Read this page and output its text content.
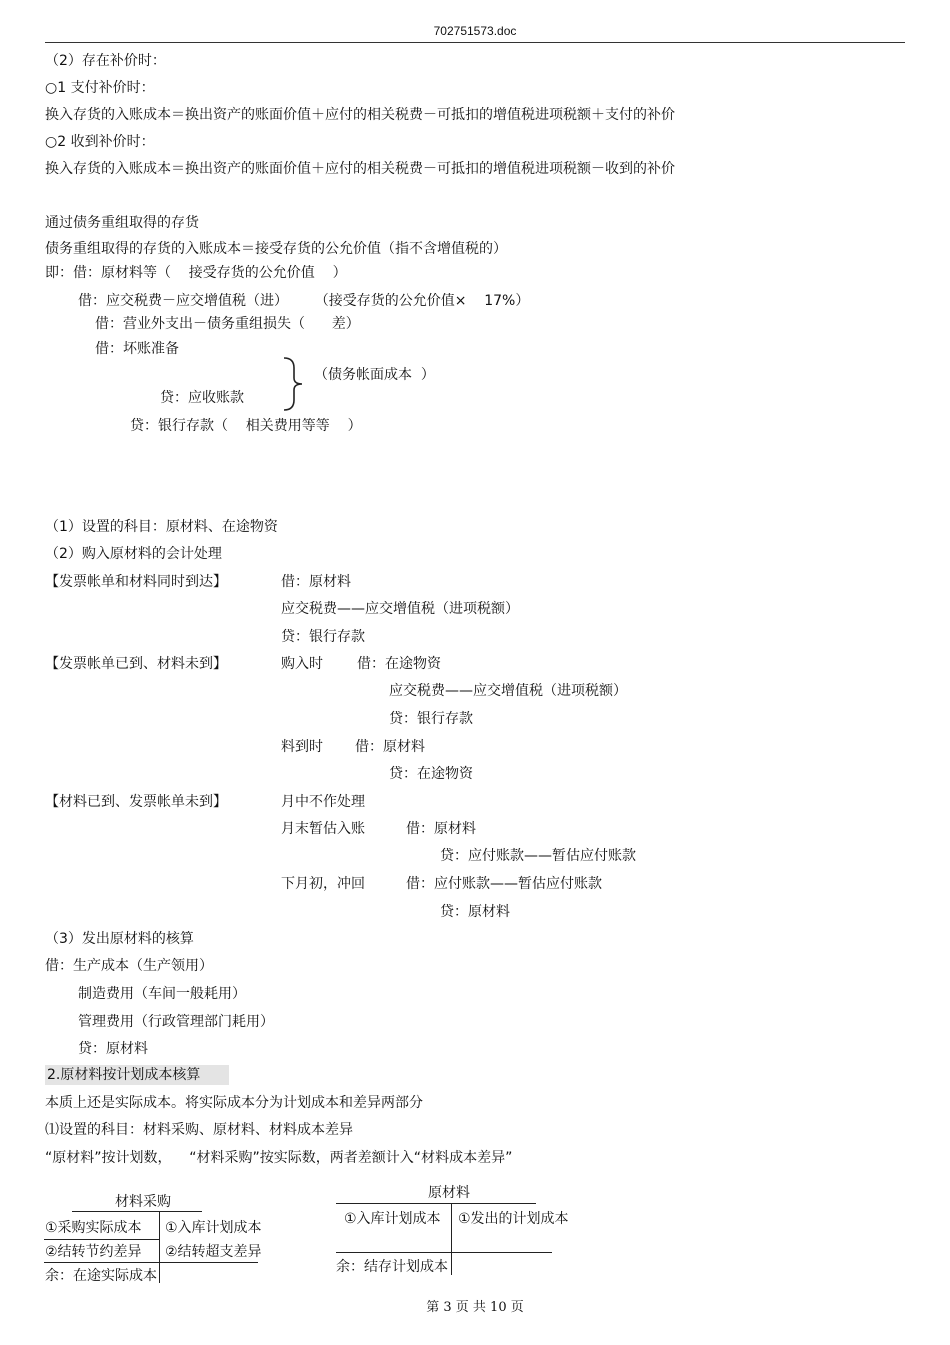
702751573.doc
（2）存在补价时：
○1 支付补价时：
换入存货的入账成本＝换出资产的账面价值＋应付的相关税费－可抵扣的增值税进项税额＋支付的补价
○2 收到补价时：
换入存货的入账成本＝换出资产的账面价值＋应付的相关税费－可抵扣的增值税进项税额－收到的补价
通过债务重组取得的存货
债务重组取得的存货的入账成本＝接受存货的公允价值（指不含增值税的）
即：借：原材料等（    接受存货的公允价值    ）
借：应交税费－应交增值税（进）      （接受存货的公允价值×    17%）
借：营业外支出－债务重组损失（      差）
借：坏账准备
（债务帐面成本  ）
贷：应收账款
贷：银行存款（    相关费用等等    ）
（1）设置的科目：原材料、在途物资
（2）购入原材料的会计处理
【发票帐单和材料同时到达】	借：原材料
应交税费——应交增值税（进项税额）
贷：银行存款
【发票帐单已到、材料未到】	购入时 借：在途物资
应交税费——应交增值税（进项税额）
贷：银行存款
料到时 借：原材料
贷：在途物资
【材料已到、发票帐单未到】	月中不作处理
月末暂估入账	借：原材料
贷：应付账款——暂估应付账款
下月初，冲回	借：应付账款——暂估应付账款
贷：原材料
（3）发出原材料的核算
借：生产成本（生产领用）
制造费用（车间一般耗用）
管理费用（行政管理部门耗用）
贷：原材料
2.原材料按计划成本核算
本质上还是实际成本。将实际成本分为计划成本和差异两部分
⑴设置的科目：材料采购、原材料、材料成本差异
“原材料”按计划数，    “材料采购”按实际数，两者差额计入“材料成本差异”
材料采购
①采购实际成本 ①入库计划成本
②结转节约差异 ②结转超支差异
余：在途实际成本
原材料
①入库计划成本 ①发出的计划成本
余：结存计划成本
第 3 页 共 10 页
